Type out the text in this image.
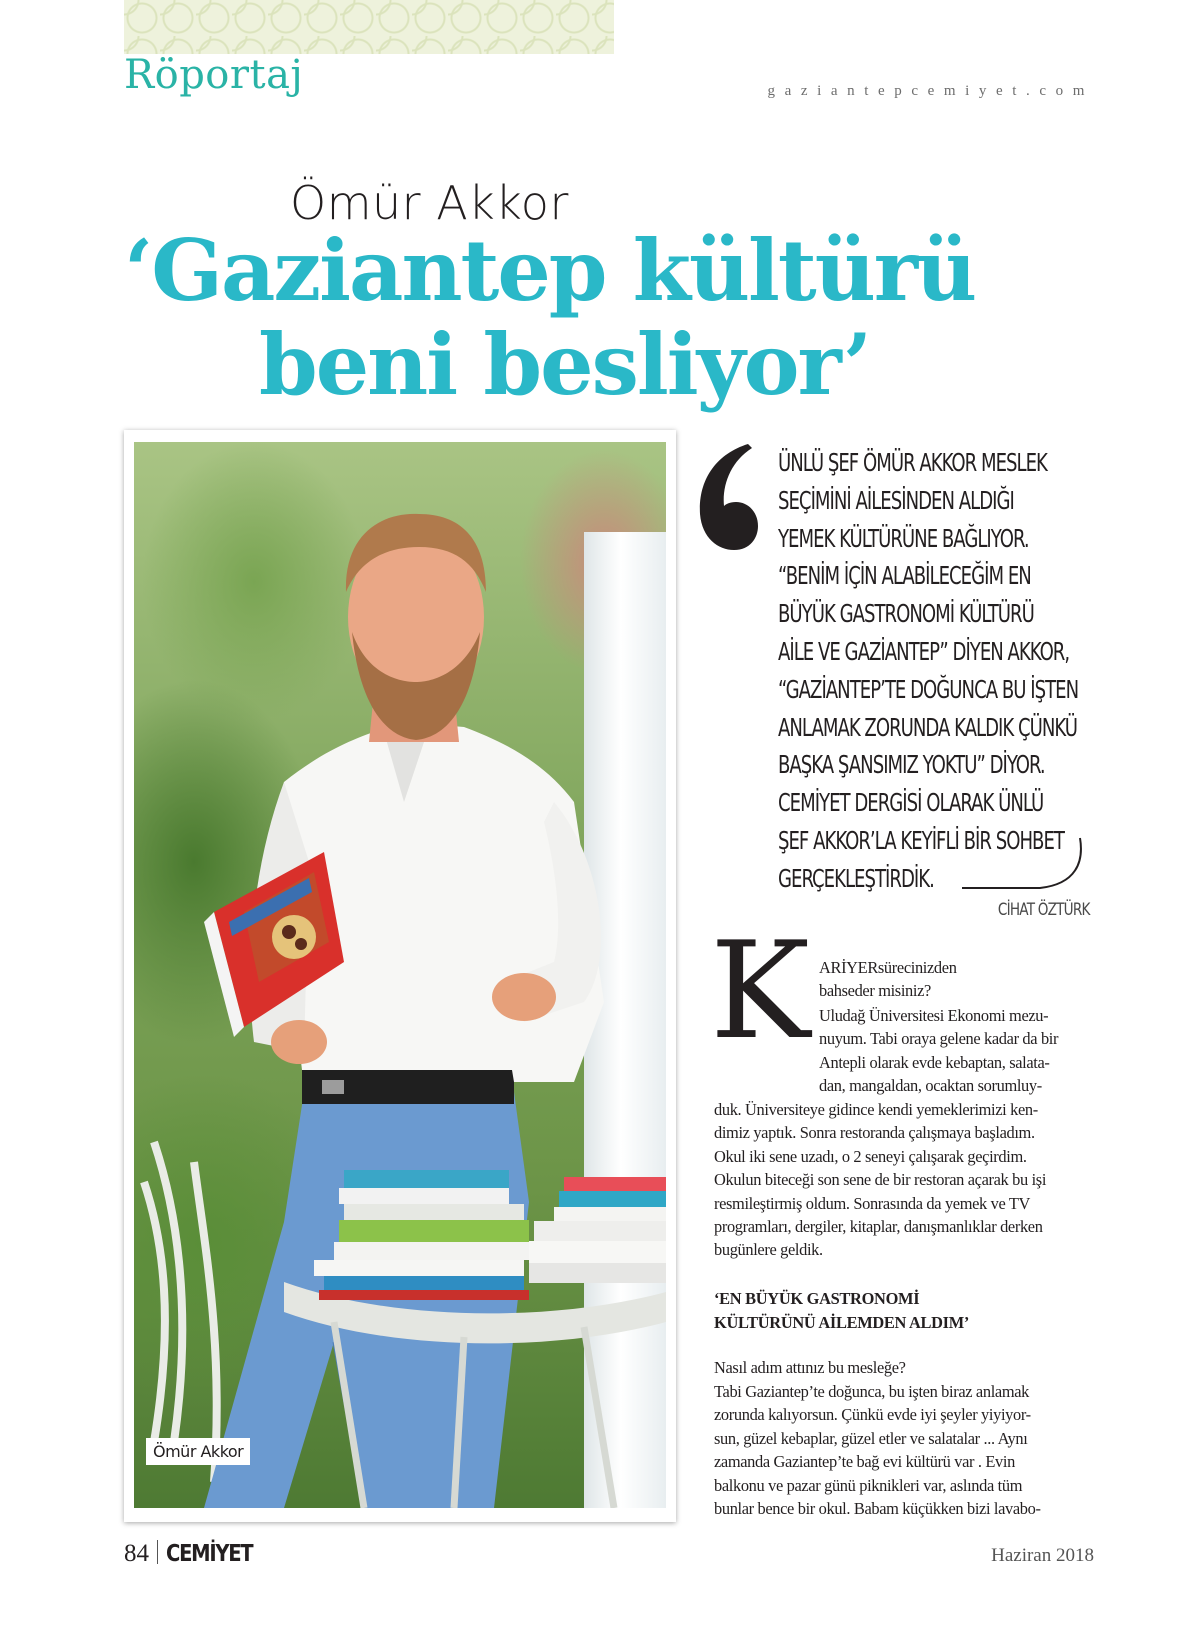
Röportaj	gaziantepcemiyet.com
Ömür Akkor
‘Gaziantep kültürü
beni besliyor’
Ömür Akkor
ÜNLÜ ŞEF ÖMÜR AKKOR MESLEK
SEÇİMİNİ AİLESİNDEN ALDIĞI
YEMEK KÜLTÜRÜNE BAĞLIYOR.
“BENİM İÇİN ALABİLECEĞİM EN
BÜYÜK GASTRONOMİ KÜLTÜRÜ
AİLE VE GAZİANTEP” DİYEN AKKOR,
“GAZİANTEP’TE DOĞUNCA BU İŞTEN
ANLAMAK ZORUNDA KALDIK ÇÜNKÜ
BAŞKA ŞANSIMIZ YOKTU” DİYOR.
CEMİYET DERGİSİ OLARAK ÜNLÜ
ŞEF AKKOR’LA KEYİFLİ BİR SOHBET
GERÇEKLEŞTİRDİK.
CİHAT ÖZTÜRK
K ARİYERsürecinizden
bahseder misiniz?
Uludağ Üniversitesi Ekonomi mezu-
nuyum. Tabi oraya gelene kadar da bir
Antepli olarak evde kebaptan, salata-
dan, mangaldan, ocaktan sorumluy-
duk. Üniversiteye gidince kendi yemeklerimizi ken-
dimiz yaptık. Sonra restoranda çalışmaya başladım.
Okul iki sene uzadı, o 2 seneyi çalışarak geçirdim.
Okulun biteceği son sene de bir restoran açarak bu işi
resmileştirmiş oldum. Sonrasında da yemek ve TV
programları, dergiler, kitaplar, danışmanlıklar derken
bugünlere geldik.
‘EN BÜYÜK GASTRONOMİ
KÜLTÜRÜNÜ AİLEMDEN ALDIM’
Nasıl adım attınız bu mesleğe?
Tabi Gaziantep’te doğunca, bu işten biraz anlamak
zorunda kalıyorsun. Çünkü evde iyi şeyler yiyiyor-
sun, güzel kebaplar, güzel etler ve salatalar ... Aynı
zamanda Gaziantep’te bağ evi kültürü var . Evin
balkonu ve pazar günü piknikleri var, aslında tüm
bunlar bence bir okul. Babam küçükken bizi lavabo-
84 CEMİYET	Haziran 2018
